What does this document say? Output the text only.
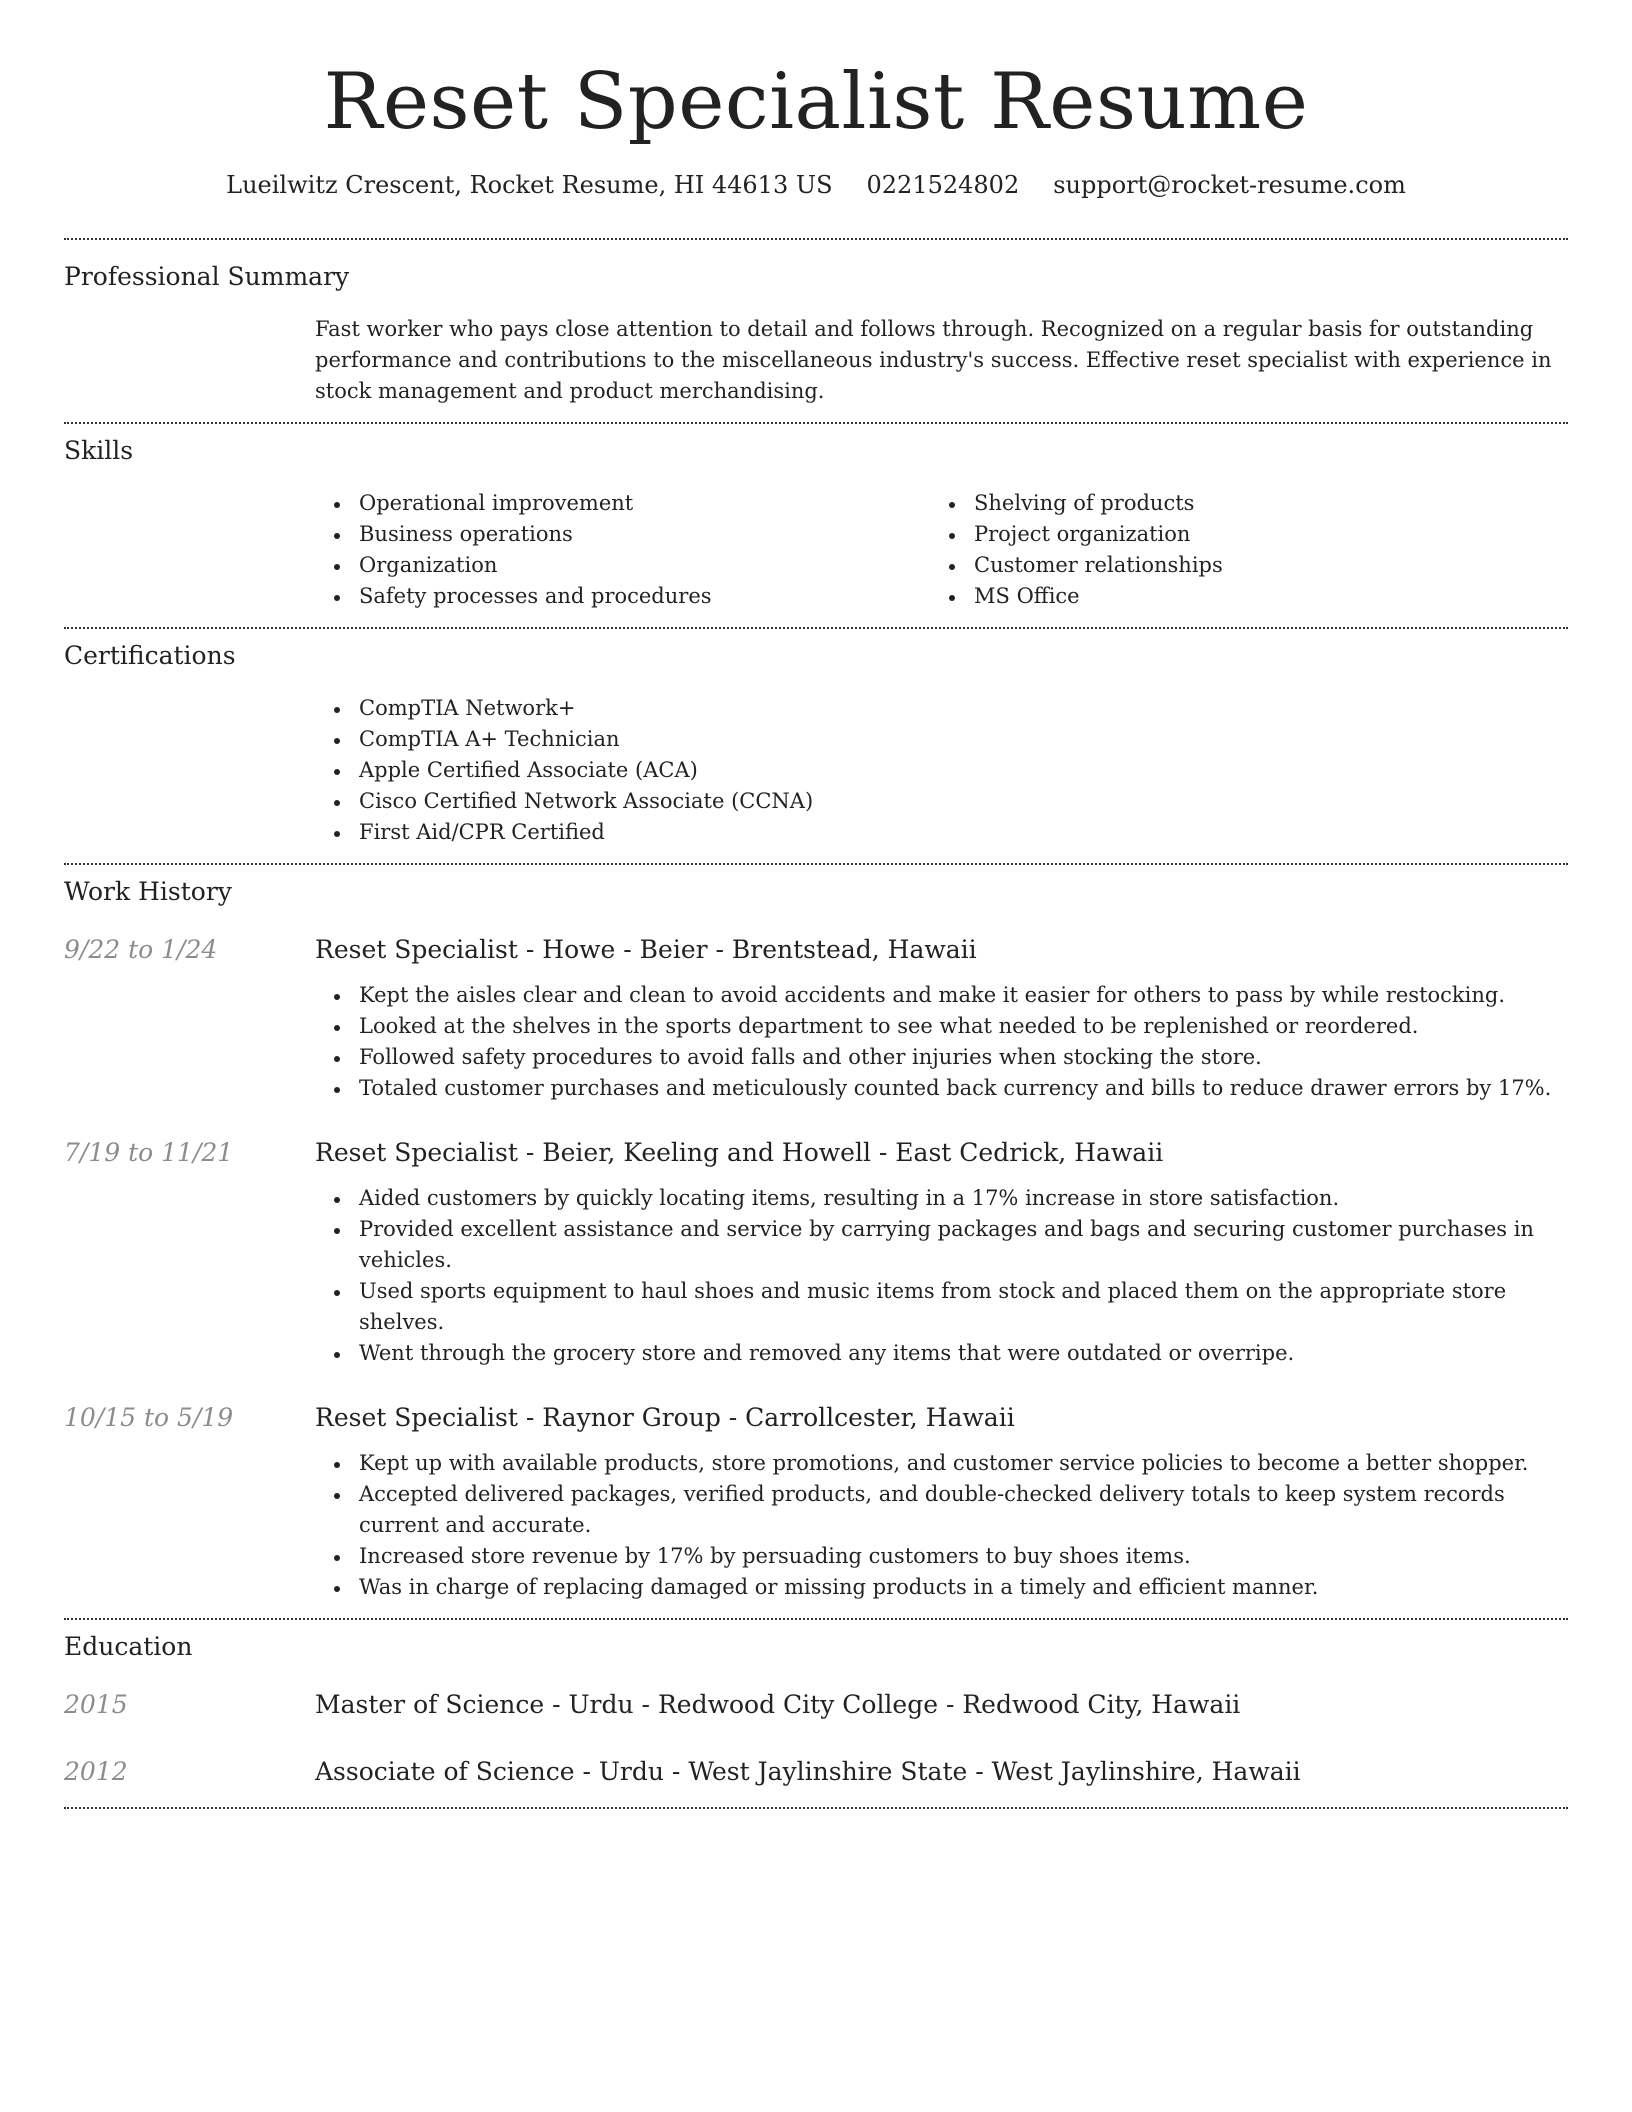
Reset Specialist Resume
Lueilwitz Crescent, Rocket Resume, HI 44613 US 0221524802 support@rocket-resume.com
Professional Summary
Fast worker who pays close attention to detail and follows through. Recognized on a regular basis for outstanding performance and contributions to the miscellaneous industry's success. Effective reset specialist with experience in stock management and product merchandising.
Skills
Operational improvement
Business operations
Organization
Safety processes and procedures
Shelving of products
Project organization
Customer relationships
MS Office
Certifications
CompTIA Network+
CompTIA A+ Technician
Apple Certified Associate (ACA)
Cisco Certified Network Associate (CCNA)
First Aid/CPR Certified
Work History
9/22 to 1/24	Reset Specialist - Howe - Beier - Brentstead, Hawaii
Kept the aisles clear and clean to avoid accidents and make it easier for others to pass by while restocking.
Looked at the shelves in the sports department to see what needed to be replenished or reordered.
Followed safety procedures to avoid falls and other injuries when stocking the store.
Totaled customer purchases and meticulously counted back currency and bills to reduce drawer errors by 17%.
7/19 to 11/21	Reset Specialist - Beier, Keeling and Howell - East Cedrick, Hawaii
Aided customers by quickly locating items, resulting in a 17% increase in store satisfaction.
Provided excellent assistance and service by carrying packages and bags and securing customer purchases in vehicles.
Used sports equipment to haul shoes and music items from stock and placed them on the appropriate store shelves.
Went through the grocery store and removed any items that were outdated or overripe.
10/15 to 5/19	Reset Specialist - Raynor Group - Carrollcester, Hawaii
Kept up with available products, store promotions, and customer service policies to become a better shopper.
Accepted delivered packages, verified products, and double-checked delivery totals to keep system records current and accurate.
Increased store revenue by 17% by persuading customers to buy shoes items.
Was in charge of replacing damaged or missing products in a timely and efficient manner.
Education
2015	Master of Science - Urdu - Redwood City College - Redwood City, Hawaii
2012	Associate of Science - Urdu - West Jaylinshire State - West Jaylinshire, Hawaii
